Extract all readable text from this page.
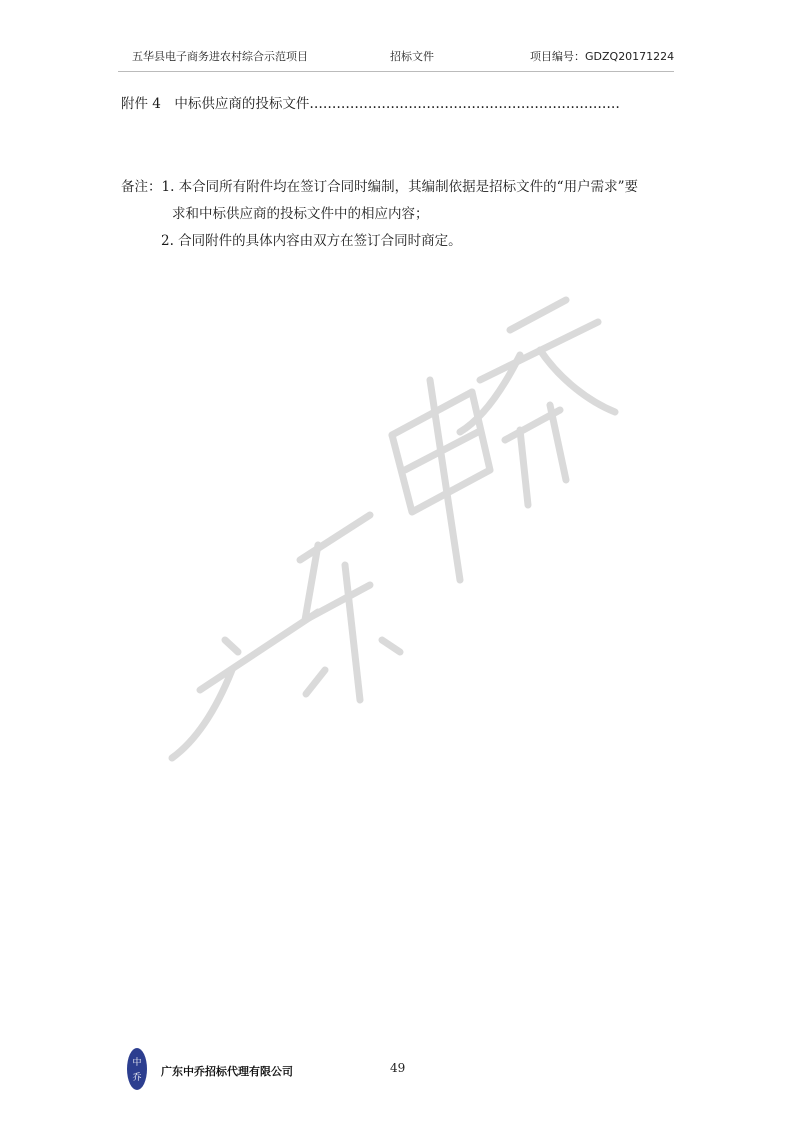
五华县电子商务进农村综合示范项目	招标文件	项目编号：GDZQ20171224
附件 4　中标供应商的投标文件……………………………………………………………
备注：1. 本合同所有附件均在签订合同时编制，其编制依据是招标文件的“用户需求”要
求和中标供应商的投标文件中的相应内容；
2. 合同附件的具体内容由双方在签订合同时商定。
中
乔 广东中乔招标代理有限公司	49
